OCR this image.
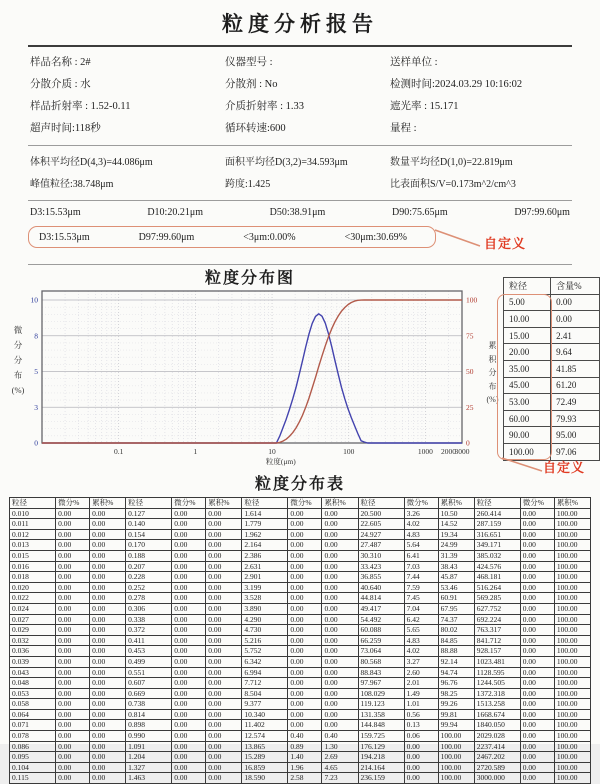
粒度分析报告
样品名称 : 2#	仪器型号 :	送样单位 :
分散介质 : 水	分散剂 : No	检测时间:2024.03.29 10:16:02
样品折射率 : 1.52-0.11	介质折射率 : 1.33	遮光率 : 15.171
超声时间:118秒	循环转速:600	量程 :
体积平均径D(4,3)=44.086μm	面积平均径D(3,2)=34.593μm	数量平均径D(1,0)=22.819μm
峰值粒径:38.748μm	跨度:1.425	比表面积S/V=0.173m^2/cm^3
D3:15.53μm	D10:20.21μm	D50:38.91μm	D90:75.65μm	D97:99.60μm
D3:15.53μm	D97:99.60μm	<3μm:0.00%	<30μm:30.69%	自定义
粒度分布图
0
3
5
8
10
0
25
50
75
100
0.1	1	10	100	1000 2000
3000
粒度(μm)
微
分
分
布
(%)
累
积
分
布
(%)
粒径	含量%
5.00	0.00
10.00	0.00
15.00	2.41
20.00	9.64
35.00	41.85
45.00	61.20
53.00	72.49
60.00	79.93
90.00	95.00
100.00	97.06
自定义
粒度分布表
粒径	微分%	累积%	粒径	微分%	累积%	粒径	微分%	累积%	粒径	微分%	累积%	粒径	微分%	累积%
0.010	0.00	0.00	0.127	0.00	0.00	1.614	0.00	0.00	20.500	3.26	10.50	260.414	0.00	100.00
0.011	0.00	0.00	0.140	0.00	0.00	1.779	0.00	0.00	22.605	4.02	14.52	287.159	0.00	100.00
0.012	0.00	0.00	0.154	0.00	0.00	1.962	0.00	0.00	24.927	4.83	19.34	316.651	0.00	100.00
0.013	0.00	0.00	0.170	0.00	0.00	2.164	0.00	0.00	27.487	5.64	24.99	349.171	0.00	100.00
0.015	0.00	0.00	0.188	0.00	0.00	2.386	0.00	0.00	30.310	6.41	31.39	385.032	0.00	100.00
0.016	0.00	0.00	0.207	0.00	0.00	2.631	0.00	0.00	33.423	7.03	38.43	424.576	0.00	100.00
0.018	0.00	0.00	0.228	0.00	0.00	2.901	0.00	0.00	36.855	7.44	45.87	468.181	0.00	100.00
0.020	0.00	0.00	0.252	0.00	0.00	3.199	0.00	0.00	40.640	7.59	53.46	516.264	0.00	100.00
0.022	0.00	0.00	0.278	0.00	0.00	3.528	0.00	0.00	44.814	7.45	60.91	569.285	0.00	100.00
0.024	0.00	0.00	0.306	0.00	0.00	3.890	0.00	0.00	49.417	7.04	67.95	627.752	0.00	100.00
0.027	0.00	0.00	0.338	0.00	0.00	4.290	0.00	0.00	54.492	6.42	74.37	692.224	0.00	100.00
0.029	0.00	0.00	0.372	0.00	0.00	4.730	0.00	0.00	60.088	5.65	80.02	763.317	0.00	100.00
0.032	0.00	0.00	0.411	0.00	0.00	5.216	0.00	0.00	66.259	4.83	84.85	841.712	0.00	100.00
0.036	0.00	0.00	0.453	0.00	0.00	5.752	0.00	0.00	73.064	4.02	88.88	928.157	0.00	100.00
0.039	0.00	0.00	0.499	0.00	0.00	6.342	0.00	0.00	80.568	3.27	92.14	1023.481	0.00	100.00
0.043	0.00	0.00	0.551	0.00	0.00	6.994	0.00	0.00	88.843	2.60	94.74	1128.595	0.00	100.00
0.048	0.00	0.00	0.607	0.00	0.00	7.712	0.00	0.00	97.967	2.01	96.76	1244.505	0.00	100.00
0.053	0.00	0.00	0.669	0.00	0.00	8.504	0.00	0.00	108.029	1.49	98.25	1372.318	0.00	100.00
0.058	0.00	0.00	0.738	0.00	0.00	9.377	0.00	0.00	119.123	1.01	99.26	1513.258	0.00	100.00
0.064	0.00	0.00	0.814	0.00	0.00	10.340	0.00	0.00	131.358	0.56	99.81	1668.674	0.00	100.00
0.071	0.00	0.00	0.898	0.00	0.00	11.402	0.00	0.00	144.848	0.13	99.94	1840.050	0.00	100.00
0.078	0.00	0.00	0.990	0.00	0.00	12.574	0.40	0.40	159.725	0.06	100.00	2029.028	0.00	100.00
0.086	0.00	0.00	1.091	0.00	0.00	13.865	0.89	1.30	176.129	0.00	100.00	2237.414	0.00	100.00
0.095	0.00	0.00	1.204	0.00	0.00	15.289	1.40	2.69	194.218	0.00	100.00	2467.202	0.00	100.00
0.104	0.00	0.00	1.327	0.00	0.00	16.859	1.96	4.65	214.164	0.00	100.00	2720.589	0.00	100.00
0.115	0.00	0.00	1.463	0.00	0.00	18.590	2.58	7.23	236.159	0.00	100.00	3000.000	0.00	100.00
